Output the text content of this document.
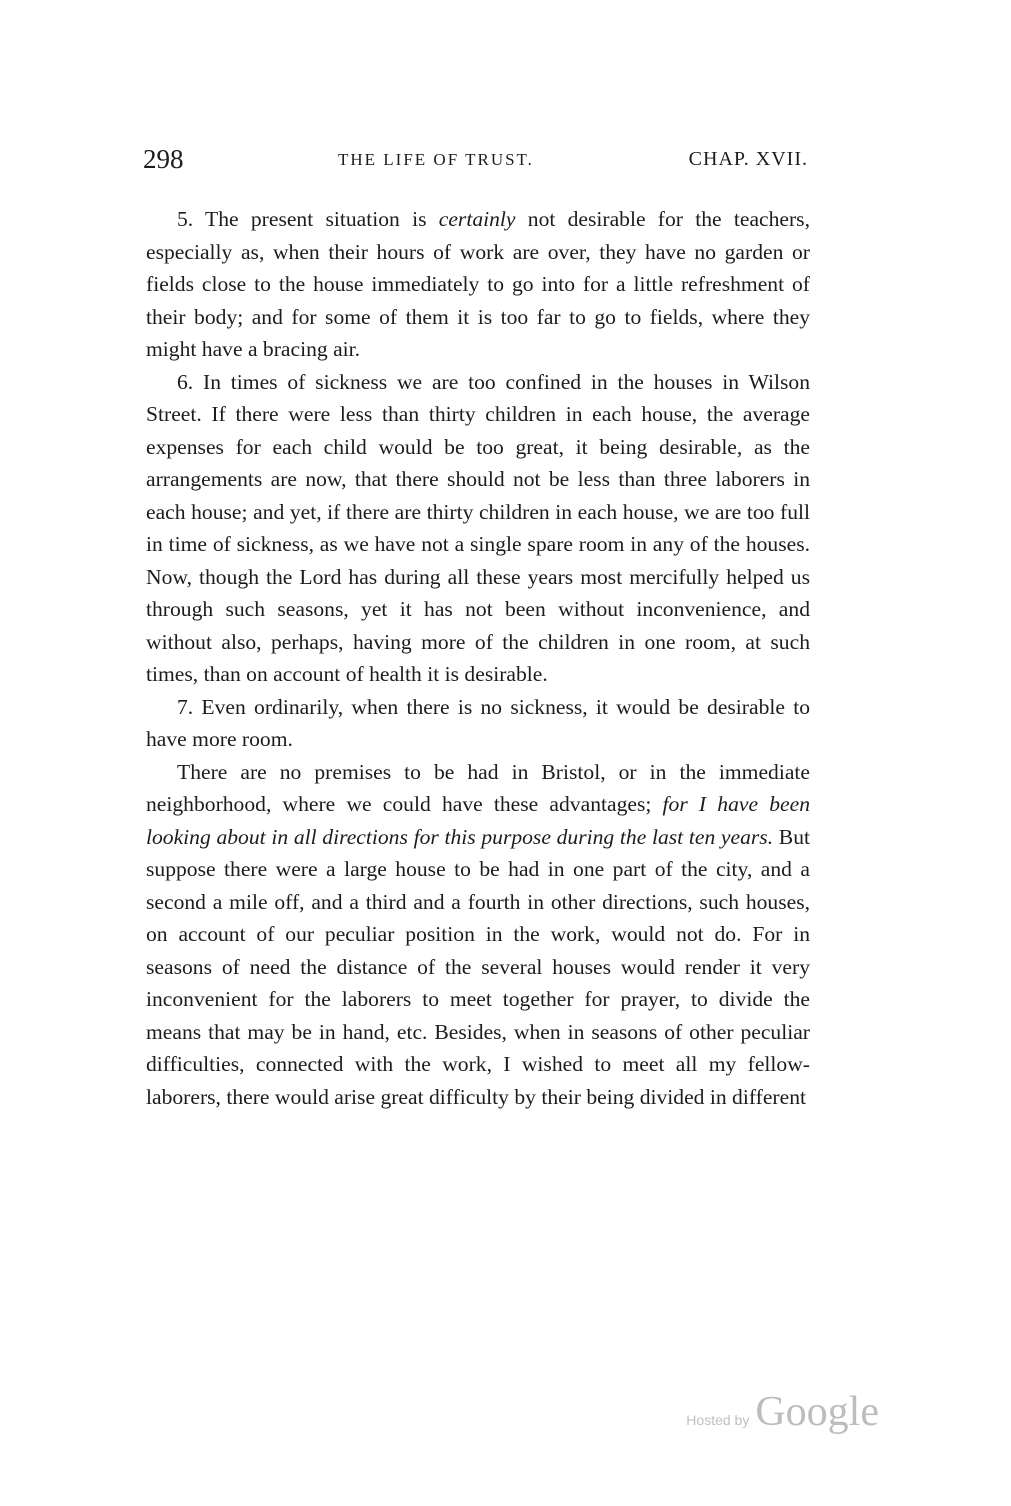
298	THE LIFE OF TRUST.	CHAP. XVII.

5. The present situation is certainly not desirable for the teachers, especially as, when their hours of work are over, they have no garden or fields close to the house immediately to go into for a little refreshment of their body; and for some of them it is too far to go to fields, where they might have a bracing air.

6. In times of sickness we are too confined in the houses in Wilson Street. If there were less than thirty children in each house, the average expenses for each child would be too great, it being desirable, as the arrangements are now, that there should not be less than three laborers in each house; and yet, if there are thirty children in each house, we are too full in time of sickness, as we have not a single spare room in any of the houses. Now, though the Lord has during all these years most mercifully helped us through such seasons, yet it has not been without inconvenience, and without also, perhaps, having more of the children in one room, at such times, than on account of health it is desirable.

7. Even ordinarily, when there is no sickness, it would be desirable to have more room.

There are no premises to be had in Bristol, or in the immediate neighborhood, where we could have these advantages; for I have been looking about in all directions for this purpose during the last ten years. But suppose there were a large house to be had in one part of the city, and a second a mile off, and a third and a fourth in other directions, such houses, on account of our peculiar position in the work, would not do. For in seasons of need the distance of the several houses would render it very inconvenient for the laborers to meet together for prayer, to divide the means that may be in hand, etc. Besides, when in seasons of other peculiar difficulties, connected with the work, I wished to meet all my fellow-laborers, there would arise great difficulty by their being divided in different

Hosted by Google
